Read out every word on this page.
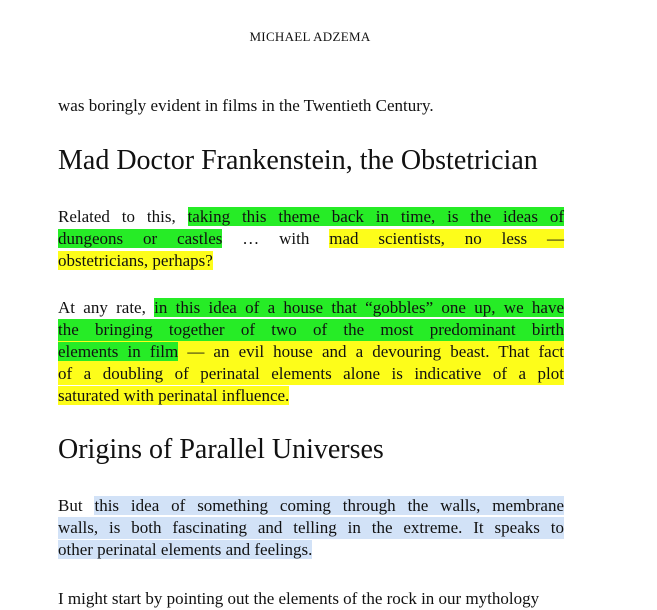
MICHAEL ADZEMA
was boringly evident in films in the Twentieth Century.
Mad Doctor Frankenstein, the Obstetrician
Related to this, taking this theme back in time, is the ideas of
dungeons or castles … with mad scientists, no less —
obstetricians, perhaps?
At any rate, in this idea of a house that “gobbles” one up, we have
the bringing together of two of the most predominant birth
elements in film — an evil house and a devouring beast. That fact
of a doubling of perinatal elements alone is indicative of a plot
saturated with perinatal influence.
Origins of Parallel Universes
But this idea of something coming through the walls, membrane
walls, is both fascinating and telling in the extreme. It speaks to
other perinatal elements and feelings.
I might start by pointing out the elements of the rock in our mythology
